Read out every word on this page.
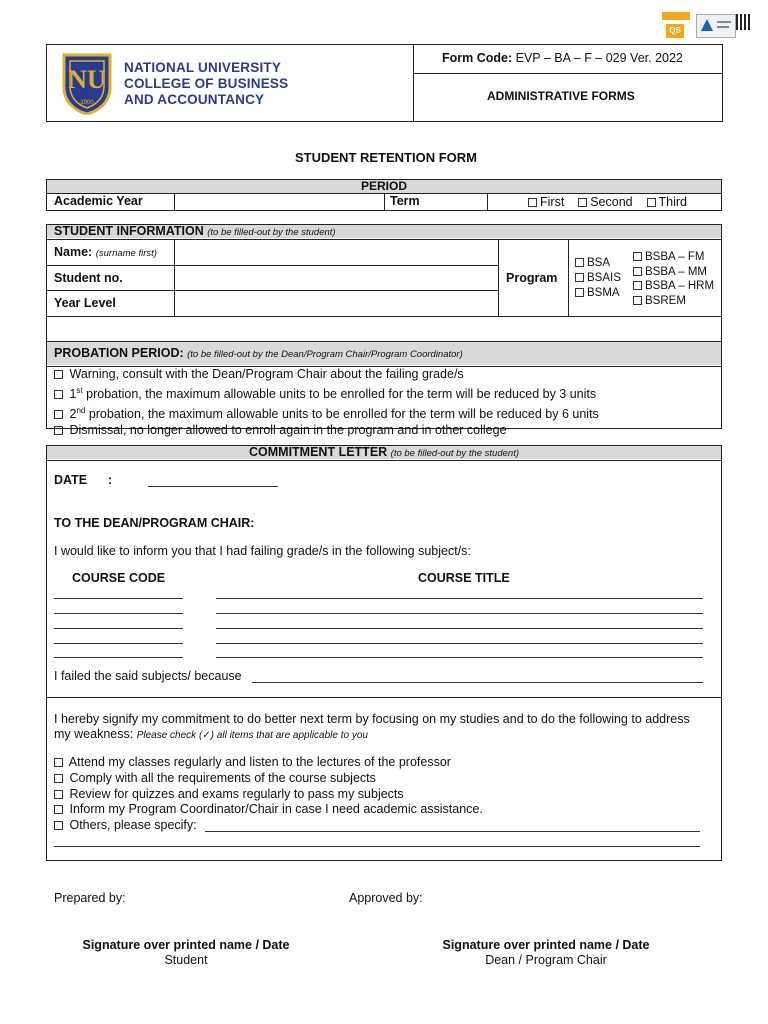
QS
NU
1900
NATIONAL UNIVERSITY
COLLEGE OF BUSINESS
AND ACCOUNTANCY
Form Code: EVP – BA – F – 029 Ver. 2022
ADMINISTRATIVE FORMS
STUDENT RETENTION FORM
PERIOD
Academic Year	Term	First Second Third
STUDENT INFORMATION (to be filled-out by the student)
Name: (surname first)
Student no.
Year Level
Program
BSA
BSAIS
BSMA
BSBA – FM
BSBA – MM
BSBA – HRM
BSREM
PROBATION PERIOD: (to be filled-out by the Dean/Program Chair/Program Coordinator)
Warning, consult with the Dean/Program Chair about the failing grade/s
1st probation, the maximum allowable units to be enrolled for the term will be reduced by 3 units
2nd probation, the maximum allowable units to be enrolled for the term will be reduced by 6 units
Dismissal, no longer allowed to enroll again in the program and in other college
COMMITMENT LETTER (to be filled-out by the student)
DATE :
TO THE DEAN/PROGRAM CHAIR:
I would like to inform you that I had failing grade/s in the following subject/s:
COURSE CODE	COURSE TITLE
I failed the said subjects/ because
I hereby signify my commitment to do better next term by focusing on my studies and to do the following to address
my weakness: Please check (✓) all items that are applicable to you
Attend my classes regularly and listen to the lectures of the professor
Comply with all the requirements of the course subjects
Review for quizzes and exams regularly to pass my subjects
Inform my Program Coordinator/Chair in case I need academic assistance.
Others, please specify:
Prepared by:	Approved by:
Signature over printed name / Date
Student
Signature over printed name / Date
Dean / Program Chair
